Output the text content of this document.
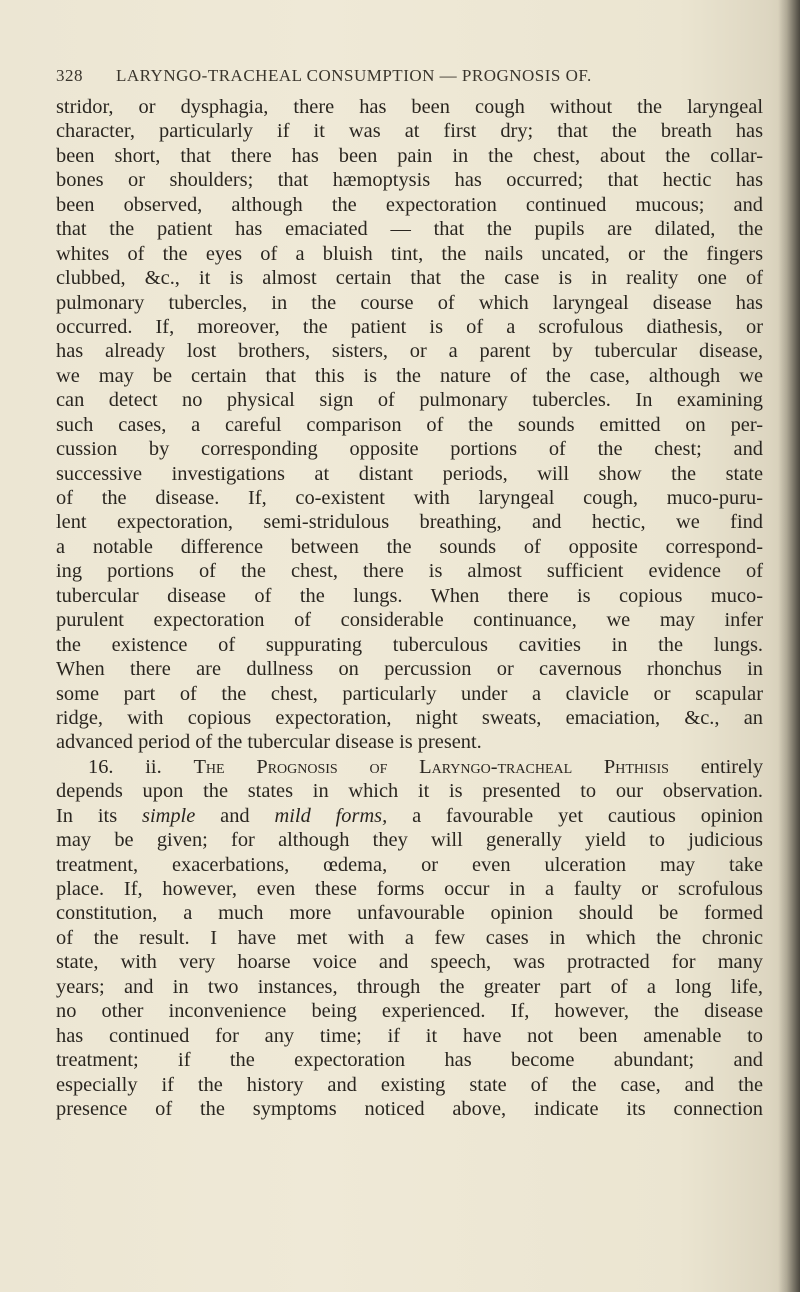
328 LARYNGO-TRACHEAL CONSUMPTION — PROGNOSIS OF.
stridor, or dysphagia, there has been cough without the laryngeal
character, particularly if it was at first dry; that the breath has
been short, that there has been pain in the chest, about the collar-
bones or shoulders; that hæmoptysis has occurred; that hectic has
been observed, although the expectoration continued mucous; and
that the patient has emaciated — that the pupils are dilated, the
whites of the eyes of a bluish tint, the nails uncated, or the fingers
clubbed, &c., it is almost certain that the case is in reality one of
pulmonary tubercles, in the course of which laryngeal disease has
occurred. If, moreover, the patient is of a scrofulous diathesis, or
has already lost brothers, sisters, or a parent by tubercular disease,
we may be certain that this is the nature of the case, although we
can detect no physical sign of pulmonary tubercles. In examining
such cases, a careful comparison of the sounds emitted on per-
cussion by corresponding opposite portions of the chest; and
successive investigations at distant periods, will show the state
of the disease. If, co-existent with laryngeal cough, muco-puru-
lent expectoration, semi-stridulous breathing, and hectic, we find
a notable difference between the sounds of opposite correspond-
ing portions of the chest, there is almost sufficient evidence of
tubercular disease of the lungs. When there is copious muco-
purulent expectoration of considerable continuance, we may infer
the existence of suppurating tuberculous cavities in the lungs.
When there are dullness on percussion or cavernous rhonchus in
some part of the chest, particularly under a clavicle or scapular
ridge, with copious expectoration, night sweats, emaciation, &c., an
advanced period of the tubercular disease is present.
16. ii. The Prognosis of Laryngo-tracheal Phthisis entirely
depends upon the states in which it is presented to our observation.
In its simple and mild forms, a favourable yet cautious opinion
may be given; for although they will generally yield to judicious
treatment, exacerbations, œdema, or even ulceration may take
place. If, however, even these forms occur in a faulty or scrofulous
constitution, a much more unfavourable opinion should be formed
of the result. I have met with a few cases in which the chronic
state, with very hoarse voice and speech, was protracted for many
years; and in two instances, through the greater part of a long life,
no other inconvenience being experienced. If, however, the disease
has continued for any time; if it have not been amenable to
treatment; if the expectoration has become abundant; and
especially if the history and existing state of the case, and the
presence of the symptoms noticed above, indicate its connection
